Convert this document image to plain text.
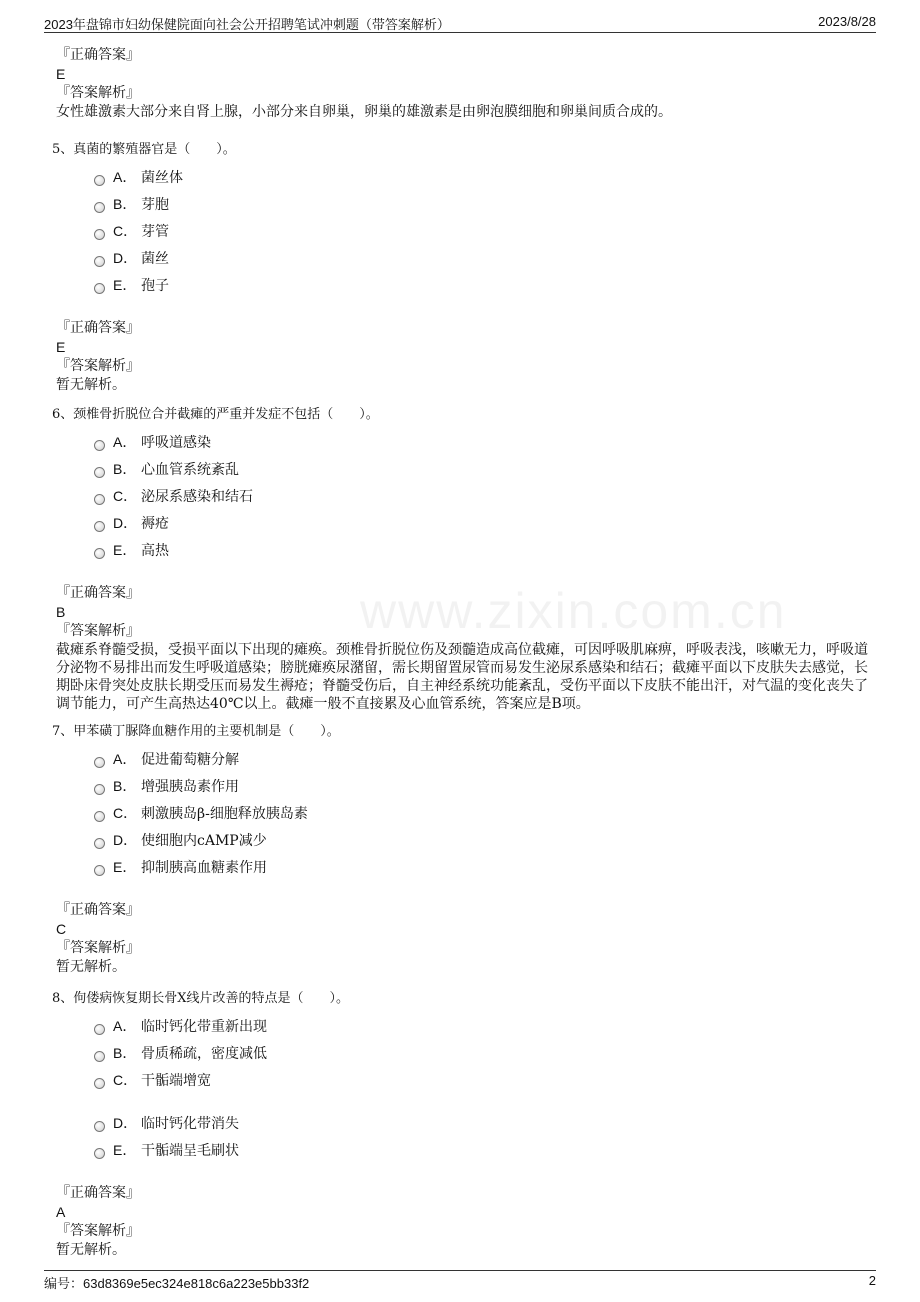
2023年盘锦市妇幼保健院面向社会公开招聘笔试冲刺题（带答案解析）	2023/8/28
www.zixin.com.cn
『正确答案』
E
『答案解析』
女性雄激素大部分来自肾上腺，小部分来自卵巢，卵巢的雄激素是由卵泡膜细胞和卵巢间质合成的。
5、真菌的繁殖器官是（　　）。
A． 菌丝体
B． 芽胞
C． 芽管
D． 菌丝
E． 孢子
『正确答案』
E
『答案解析』
暂无解析。
6、颈椎骨折脱位合并截瘫的严重并发症不包括（　　）。
A． 呼吸道感染
B． 心血管系统紊乱
C． 泌尿系感染和结石
D． 褥疮
E． 高热
『正确答案』
B
『答案解析』
截瘫系脊髓受损，受损平面以下出现的瘫痪。颈椎骨折脱位伤及颈髓造成高位截瘫，可因呼吸肌麻痹，呼吸表浅，咳嗽无力，呼吸道分泌物不易排出而发生呼吸道感染；膀胱瘫痪尿潴留，需长期留置尿管而易发生泌尿系感染和结石；截瘫平面以下皮肤失去感觉，长期卧床骨突处皮肤长期受压而易发生褥疮；脊髓受伤后，自主神经系统功能紊乱，受伤平面以下皮肤不能出汗，对气温的变化丧失了调节能力，可产生高热达40℃以上。截瘫一般不直接累及心血管系统，答案应是B项。
7、甲苯磺丁脲降血糖作用的主要机制是（　　）。
A． 促进葡萄糖分解
B． 增强胰岛素作用
C． 刺激胰岛β-细胞释放胰岛素
D． 使细胞内cAMP减少
E． 抑制胰高血糖素作用
『正确答案』
C
『答案解析』
暂无解析。
8、佝偻病恢复期长骨X线片改善的特点是（　　）。
A． 临时钙化带重新出现
B． 骨质稀疏，密度减低
C． 干骺端增宽
D． 临时钙化带消失
E． 干骺端呈毛刷状
『正确答案』
A
『答案解析』
暂无解析。
编号：63d8369e5ec324e818c6a223e5bb33f2	2
